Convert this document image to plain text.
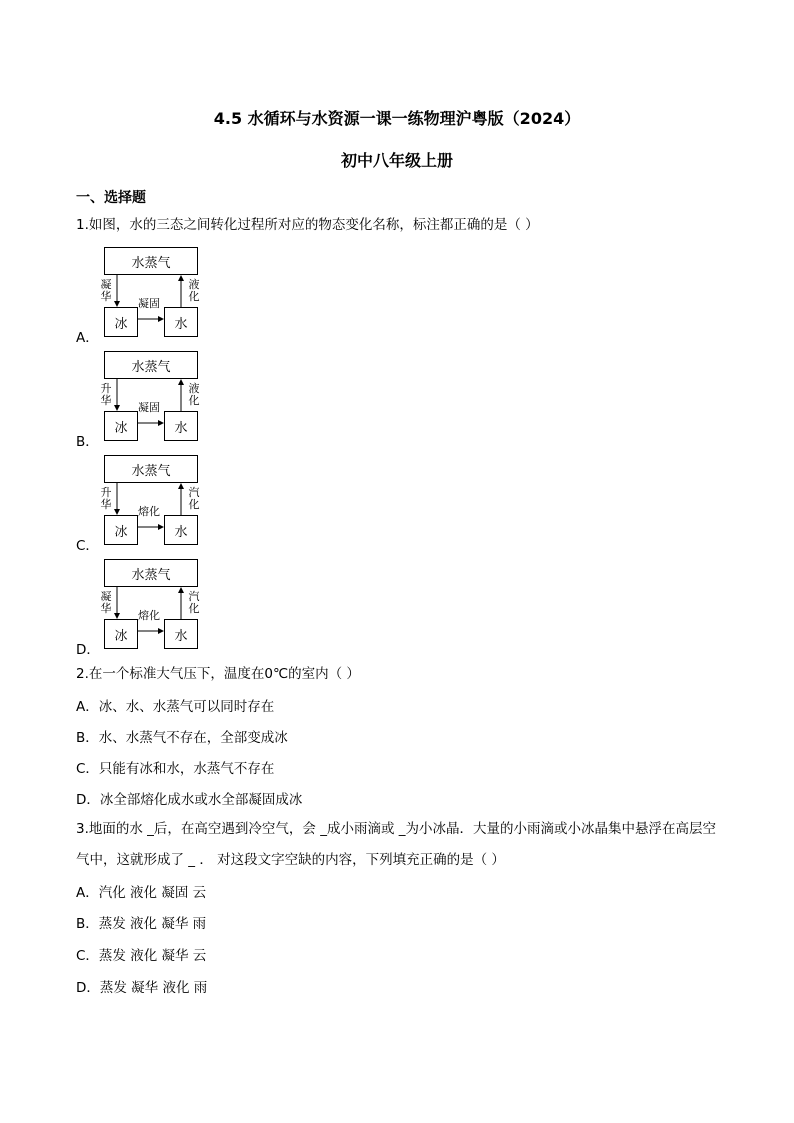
4.5 水循环与水资源一课一练物理沪粤版（2024）
初中八年级上册
一、选择题
1.如图，水的三态之间转化过程所对应的物态变化名称，标注都正确的是（ ）
A．
水蒸气
冰	水
凝华
凝固
液化
B．
水蒸气
冰	水
升华
凝固
液化
C．
水蒸气
冰	水
升华
熔化
汽化
D．
水蒸气
冰	水
凝华
熔化
汽化
2.在一个标准大气压下，温度在0℃的室内（ ）
A．冰、水、水蒸气可以同时存在
B．水、水蒸气不存在，全部变成冰
C．只能有冰和水，水蒸气不存在
D．冰全部熔化成水或水全部凝固成冰
3.地面的水 _后，在高空遇到冷空气，会 _成小雨滴或 _为小冰晶．大量的小雨滴或小冰晶集中悬浮在高层空气中，这就形成了 _ ． 对这段文字空缺的内容，下列填充正确的是（ ）
A．汽化 液化 凝固 云
B．蒸发 液化 凝华 雨
C．蒸发 液化 凝华 云
D．蒸发 凝华 液化 雨
